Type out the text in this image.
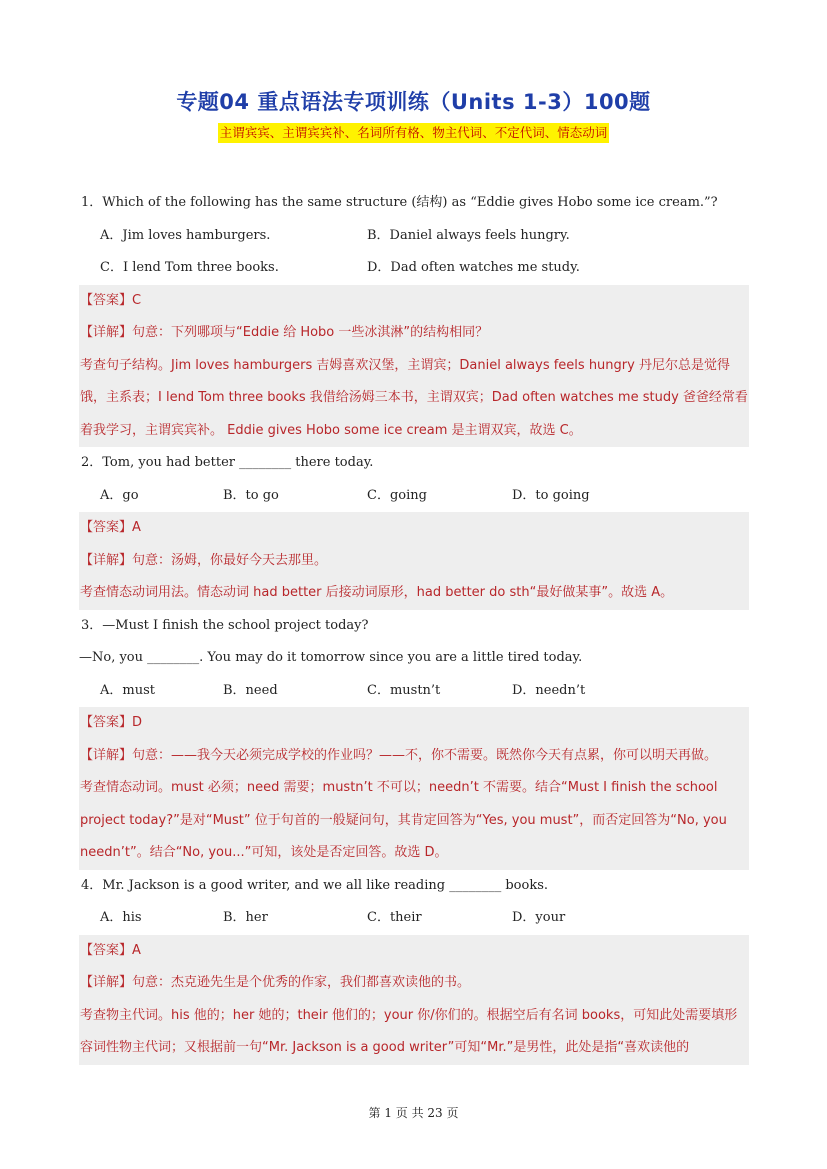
专题04 重点语法专项训练（Units 1-3）100题
主谓宾宾、主谓宾宾补、名词所有格、物主代词、不定代词、情态动词
1．Which of the following has the same structure (结构) as “Eddie gives Hobo some ice cream.”?
A．Jim loves hamburgers.	B．Daniel always feels hungry.
C．I lend Tom three books.	D．Dad often watches me study.
【答案】C
【详解】句意：下列哪项与“Eddie 给 Hobo 一些冰淇淋”的结构相同？
考查句子结构。Jim loves hamburgers 吉姆喜欢汉堡，主谓宾；Daniel always feels hungry 丹尼尔总是觉得饿，主系表；I lend Tom three books 我借给汤姆三本书，主谓双宾；Dad often watches me study 爸爸经常看着我学习，主谓宾宾补。 Eddie gives Hobo some ice cream 是主谓双宾，故选 C。
2．Tom, you had better ________ there today.
A．go	B．to go	C．going	D．to going
【答案】A
【详解】句意：汤姆，你最好今天去那里。
考查情态动词用法。情态动词 had better 后接动词原形，had better do sth“最好做某事”。故选 A。
3．—Must I finish the school project today?
—No, you ________. You may do it tomorrow since you are a little tired today.
A．must	B．need	C．mustn’t	D．needn’t
【答案】D
【详解】句意：——我今天必须完成学校的作业吗？——不，你不需要。既然你今天有点累，你可以明天再做。
考查情态动词。must 必须；need 需要；mustn’t 不可以；needn’t 不需要。结合“Must I finish the school project today?”是对“Must” 位于句首的一般疑问句，其肯定回答为“Yes, you must”，而否定回答为“No, you needn’t”。结合“No, you...”可知，该处是否定回答。故选 D。
4．Mr. Jackson is a good writer, and we all like reading ________ books.
A．his	B．her	C．their	D．your
【答案】A
【详解】句意：杰克逊先生是个优秀的作家，我们都喜欢读他的书。
考查物主代词。his 他的；her 她的；their 他们的；your 你/你们的。根据空后有名词 books，可知此处需要填形容词性物主代词；又根据前一句“Mr. Jackson is a good writer”可知“Mr.”是男性，此处是指“喜欢读他的
第 1 页 共 23 页
